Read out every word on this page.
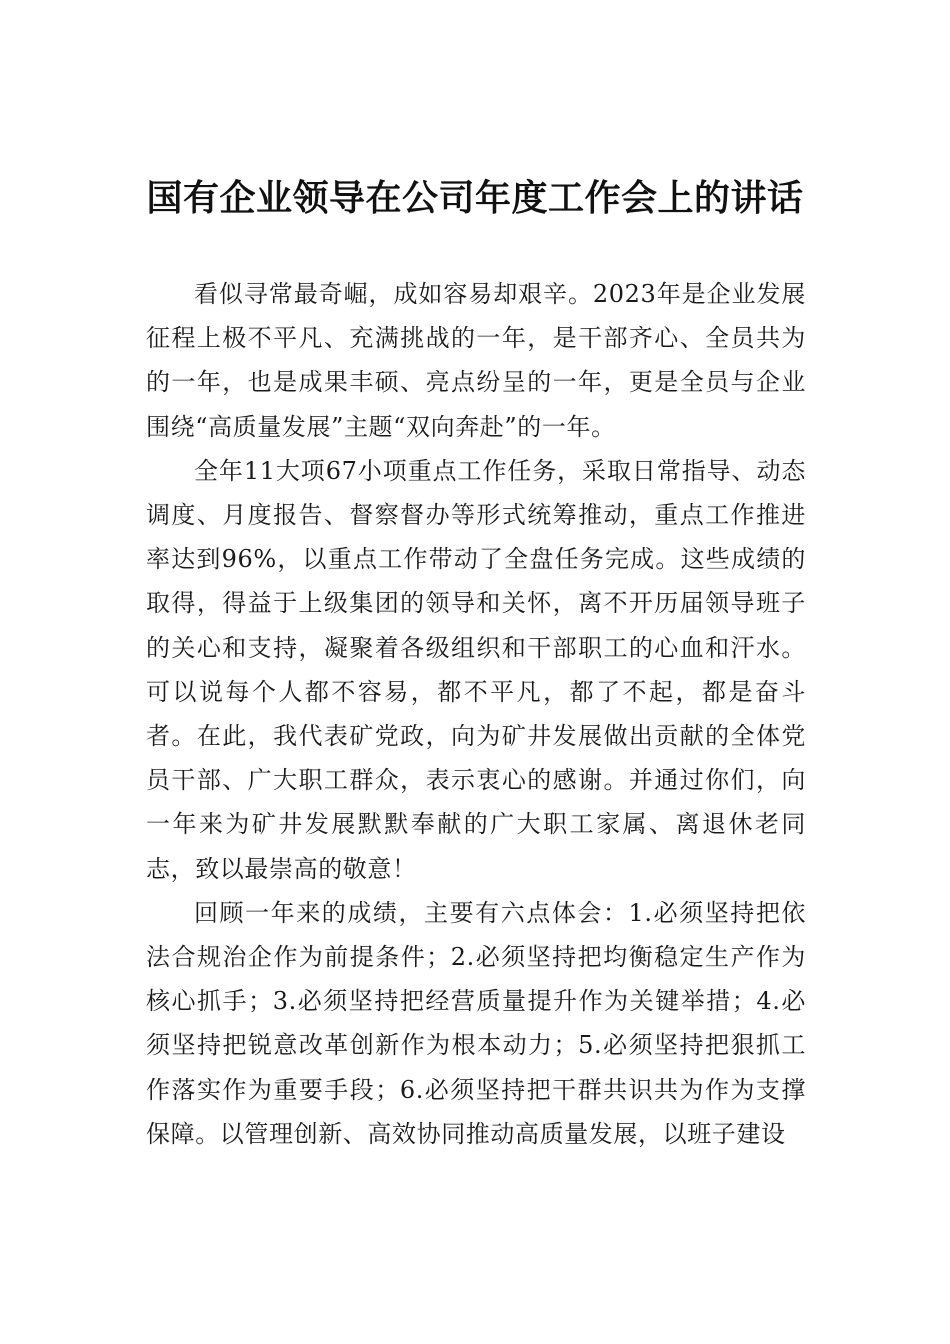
国有企业领导在公司年度工作会上的讲话

看似寻常最奇崛，成如容易却艰辛。2023年是企业发展征程上极不平凡、充满挑战的一年，是干部齐心、全员共为的一年，也是成果丰硕、亮点纷呈的一年，更是全员与企业围绕“高质量发展”主题“双向奔赴”的一年。

全年11大项67小项重点工作任务，采取日常指导、动态调度、月度报告、督察督办等形式统筹推动，重点工作推进率达到96%，以重点工作带动了全盘任务完成。这些成绩的取得，得益于上级集团的领导和关怀，离不开历届领导班子的关心和支持，凝聚着各级组织和干部职工的心血和汗水。可以说每个人都不容易，都不平凡，都了不起，都是奋斗者。在此，我代表矿党政，向为矿井发展做出贡献的全体党员干部、广大职工群众，表示衷心的感谢。并通过你们，向一年来为矿井发展默默奉献的广大职工家属、离退休老同志，致以最崇高的敬意！

回顾一年来的成绩，主要有六点体会：1.必须坚持把依法合规治企作为前提条件；2.必须坚持把均衡稳定生产作为核心抓手；3.必须坚持把经营质量提升作为关键举措；4.必须坚持把锐意改革创新作为根本动力；5.必须坚持把狠抓工作落实作为重要手段；6.必须坚持把干群共识共为作为支撑保障。以管理创新、高效协同推动高质量发展，以班子建设
